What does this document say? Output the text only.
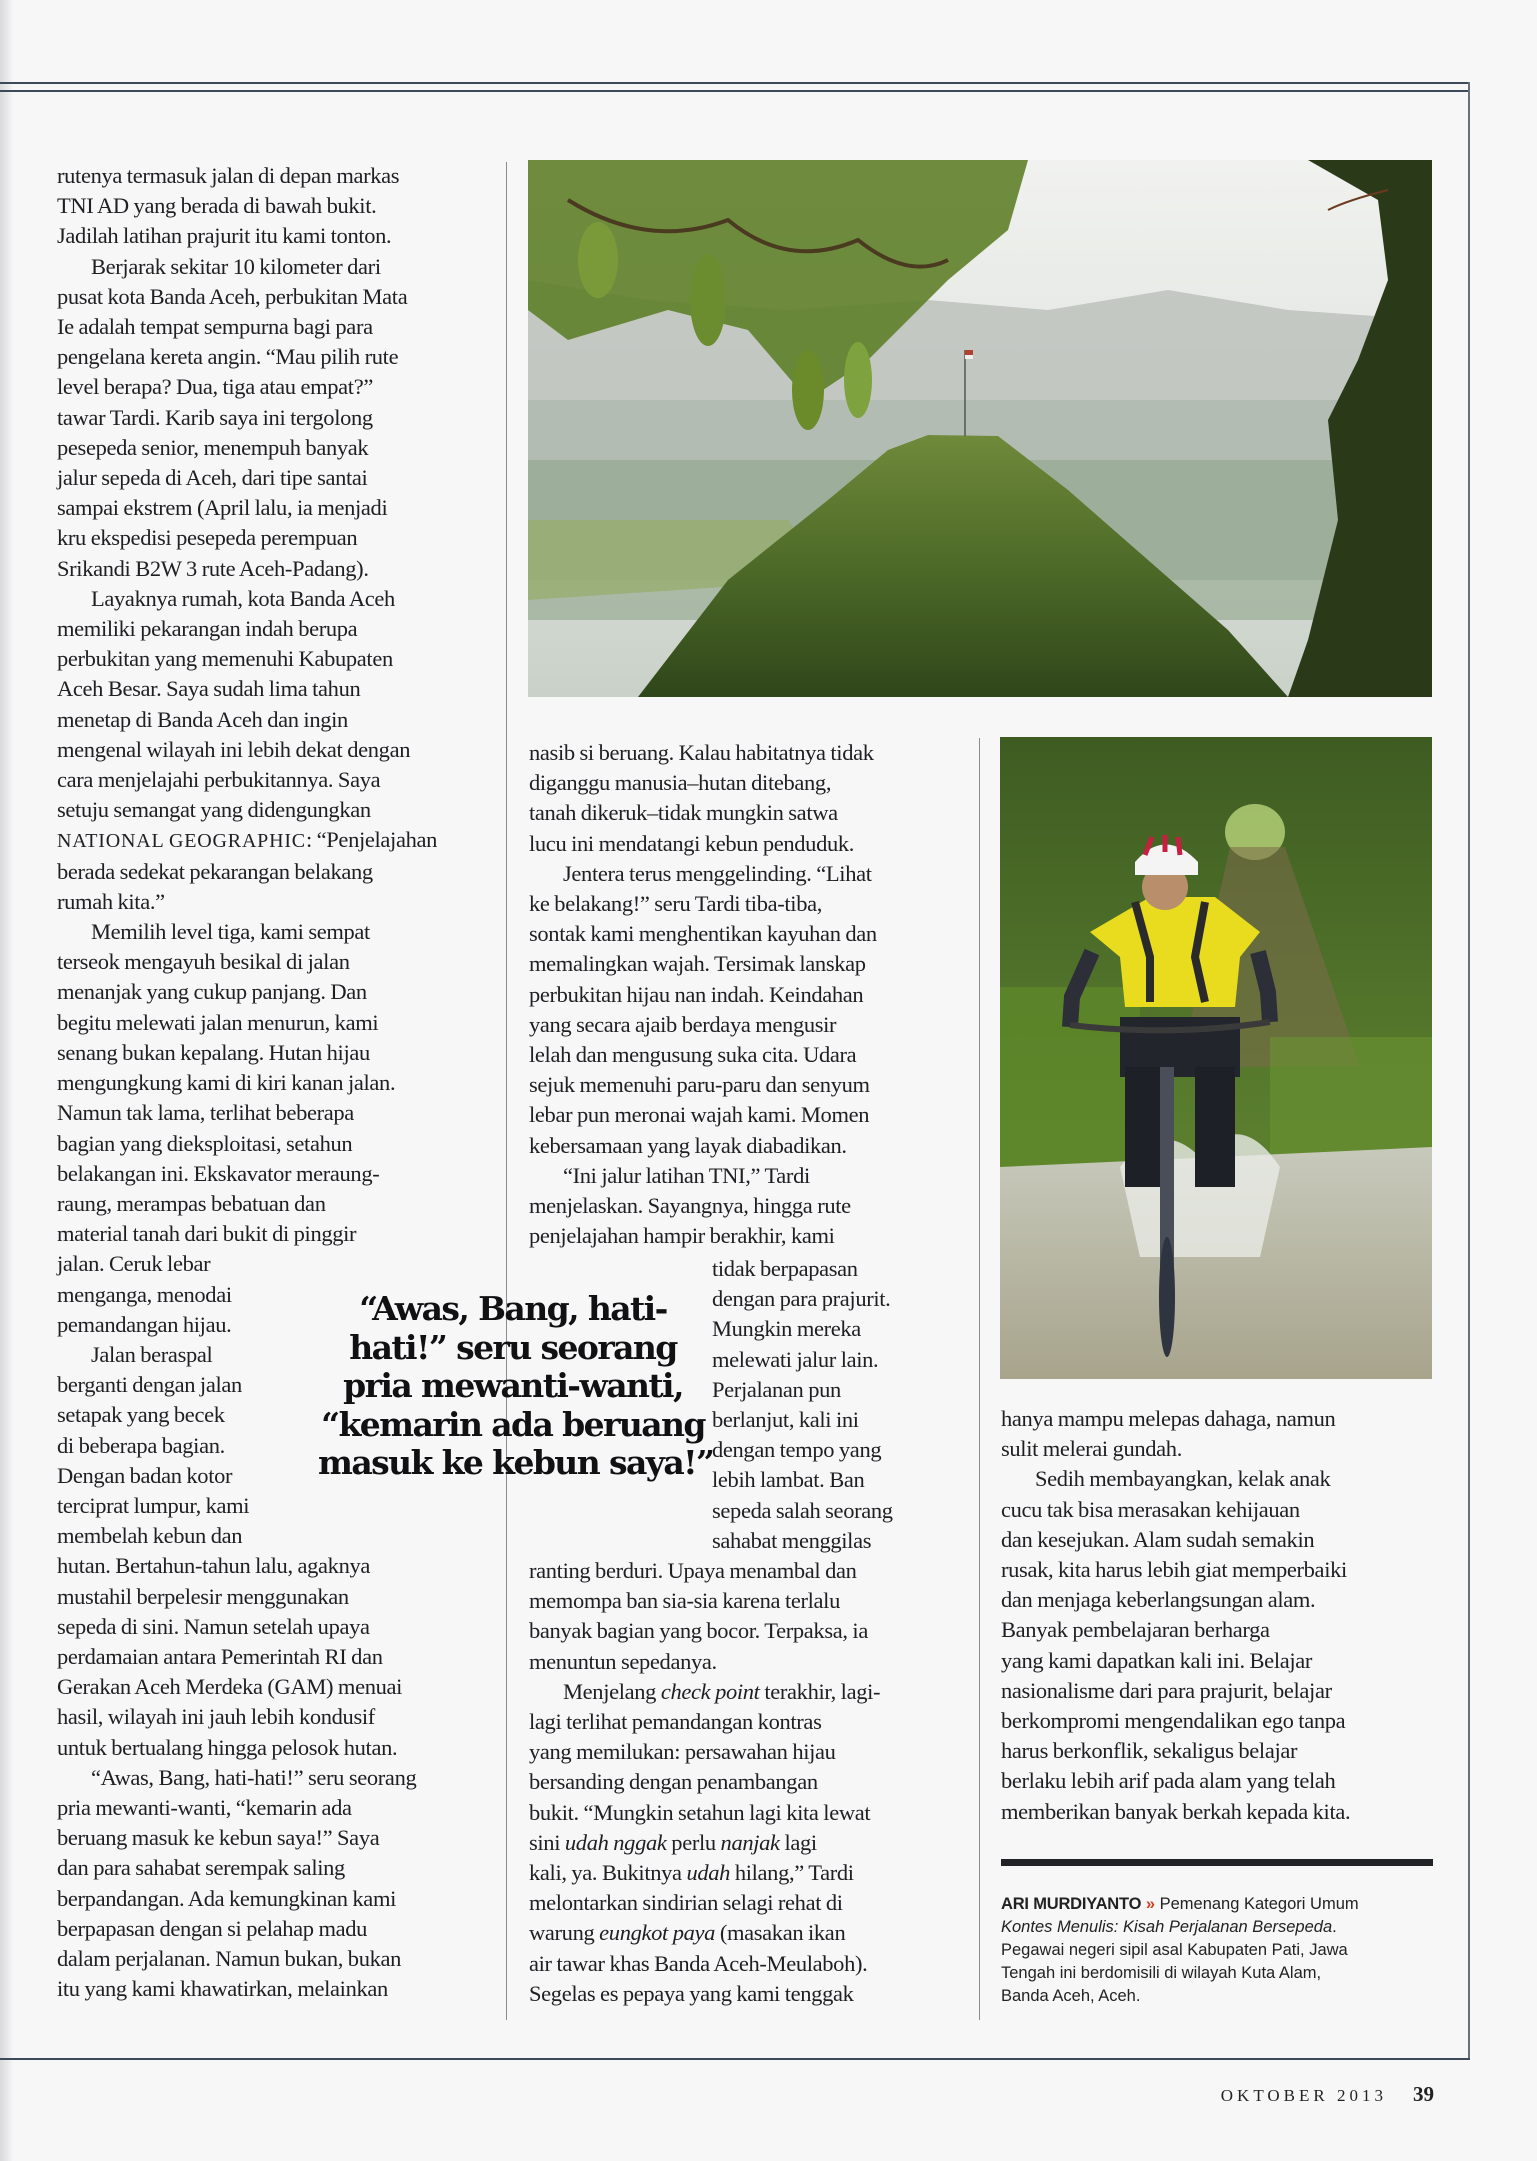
rutenya termasuk jalan di depan markas
TNI AD yang berada di bawah bukit.
Jadilah latihan prajurit itu kami tonton.

Berjarak sekitar 10 kilometer dari
pusat kota Banda Aceh, perbukitan Mata
Ie adalah tempat sempurna bagi para
pengelana kereta angin. “Mau pilih rute
level berapa? Dua, tiga atau empat?”
tawar Tardi. Karib saya ini tergolong
pesepeda senior, menempuh banyak
jalur sepeda di Aceh, dari tipe santai
sampai ekstrem (April lalu, ia menjadi
kru ekspedisi pesepeda perempuan
Srikandi B2W 3 rute Aceh-Padang).

Layaknya rumah, kota Banda Aceh
memiliki pekarangan indah berupa
perbukitan yang memenuhi Kabupaten
Aceh Besar. Saya sudah lima tahun
menetap di Banda Aceh dan ingin
mengenal wilayah ini lebih dekat dengan
cara menjelajahi perbukitannya. Saya
setuju semangat yang didengungkan
NATIONAL GEOGRAPHIC: “Penjelajahan
berada sedekat pekarangan belakang
rumah kita.”

Memilih level tiga, kami sempat
terseok mengayuh besikal di jalan
menanjak yang cukup panjang. Dan
begitu melewati jalan menurun, kami
senang bukan kepalang. Hutan hijau
mengungkung kami di kiri kanan jalan.
Namun tak lama, terlihat beberapa
bagian yang dieksploitasi, setahun
belakangan ini. Ekskavator meraung-
raung, merampas bebatuan dan
material tanah dari bukit di pinggir
jalan. Ceruk lebar
menganga, menodai
pemandangan hijau.

Jalan beraspal
berganti dengan jalan
setapak yang becek
di beberapa bagian.
Dengan badan kotor
terciprat lumpur, kami
membelah kebun dan
hutan. Bertahun-tahun lalu, agaknya
mustahil berpelesir menggunakan
sepeda di sini. Namun setelah upaya
perdamaian antara Pemerintah RI dan
Gerakan Aceh Merdeka (GAM) menuai
hasil, wilayah ini jauh lebih kondusif
untuk bertualang hingga pelosok hutan.

“Awas, Bang, hati-hati!” seru seorang
pria mewanti-wanti, “kemarin ada
beruang masuk ke kebun saya!” Saya
dan para sahabat serempak saling
berpandangan. Ada kemungkinan kami
berpapasan dengan si pelahap madu
dalam perjalanan. Namun bukan, bukan
itu yang kami khawatirkan, melainkan

“Awas, Bang, hati-
hati!” seru seorang
pria mewanti-wanti,
“kemarin ada beruang
masuk ke kebun saya!”

nasib si beruang. Kalau habitatnya tidak
diganggu manusia–hutan ditebang,
tanah dikeruk–tidak mungkin satwa
lucu ini mendatangi kebun penduduk.

Jentera terus menggelinding. “Lihat
ke belakang!” seru Tardi tiba-tiba,
sontak kami menghentikan kayuhan dan
memalingkan wajah. Tersimak lanskap
perbukitan hijau nan indah. Keindahan
yang secara ajaib berdaya mengusir
lelah dan mengusung suka cita. Udara
sejuk memenuhi paru-paru dan senyum
lebar pun meronai wajah kami. Momen
kebersamaan yang layak diabadikan.

“Ini jalur latihan TNI,” Tardi
menjelaskan. Sayangnya, hingga rute
penjelajahan hampir berakhir, kami

tidak berpapasan
dengan para prajurit.
Mungkin mereka
melewati jalur lain.
Perjalanan pun
berlanjut, kali ini
dengan tempo yang
lebih lambat. Ban
sepeda salah seorang
sahabat menggilas

ranting berduri. Upaya menambal dan
memompa ban sia-sia karena terlalu
banyak bagian yang bocor. Terpaksa, ia
menuntun sepedanya.

Menjelang check point terakhir, lagi-
lagi terlihat pemandangan kontras
yang memilukan: persawahan hijau
bersanding dengan penambangan
bukit. “Mungkin setahun lagi kita lewat
sini udah nggak perlu nanjak lagi
kali, ya. Bukitnya udah hilang,” Tardi
melontarkan sindirian selagi rehat di
warung eungkot paya (masakan ikan
air tawar khas Banda Aceh-Meulaboh).
Segelas es pepaya yang kami tenggak

hanya mampu melepas dahaga, namun
sulit melerai gundah.

Sedih membayangkan, kelak anak
cucu tak bisa merasakan kehijauan
dan kesejukan. Alam sudah semakin
rusak, kita harus lebih giat memperbaiki
dan menjaga keberlangsungan alam.
Banyak pembelajaran berharga
yang kami dapatkan kali ini. Belajar
nasionalisme dari para prajurit, belajar
berkompromi mengendalikan ego tanpa
harus berkonflik, sekaligus belajar
berlaku lebih arif pada alam yang telah
memberikan banyak berkah kepada kita.

ARI MURDIYANTO » Pemenang Kategori Umum
Kontes Menulis: Kisah Perjalanan Bersepeda.
Pegawai negeri sipil asal Kabupaten Pati, Jawa
Tengah ini berdomisili di wilayah Kuta Alam,
Banda Aceh, Aceh.
OKTOBER 2013 39
